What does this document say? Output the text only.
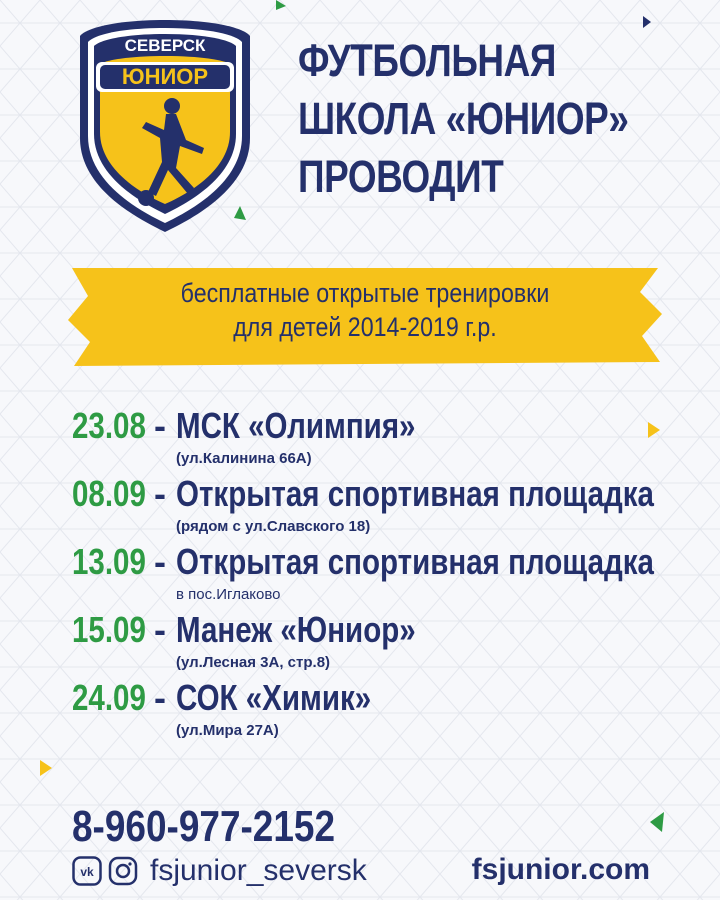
СЕВЕРСК
ЮНИОР ФУТБОЛЬНАЯ
ШКОЛА «ЮНИОР»
ПРОВОДИТ
бесплатные открытые тренировки
для детей 2014-2019 г.р.
23.08 - МСК «Олимпия»
(ул.Калинина 66А)
08.09 - Открытая спортивная площадка
(рядом с ул.Славского 18)
13.09 - Открытая спортивная площадка
в пос.Иглаково
15.09 - Манеж «Юниор»
(ул.Лесная 3А, стр.8)
24.09 - СОК «Химик»
(ул.Мира 27А)
8-960-977-2152
vk fsjunior_seversk	fsjunior.com
